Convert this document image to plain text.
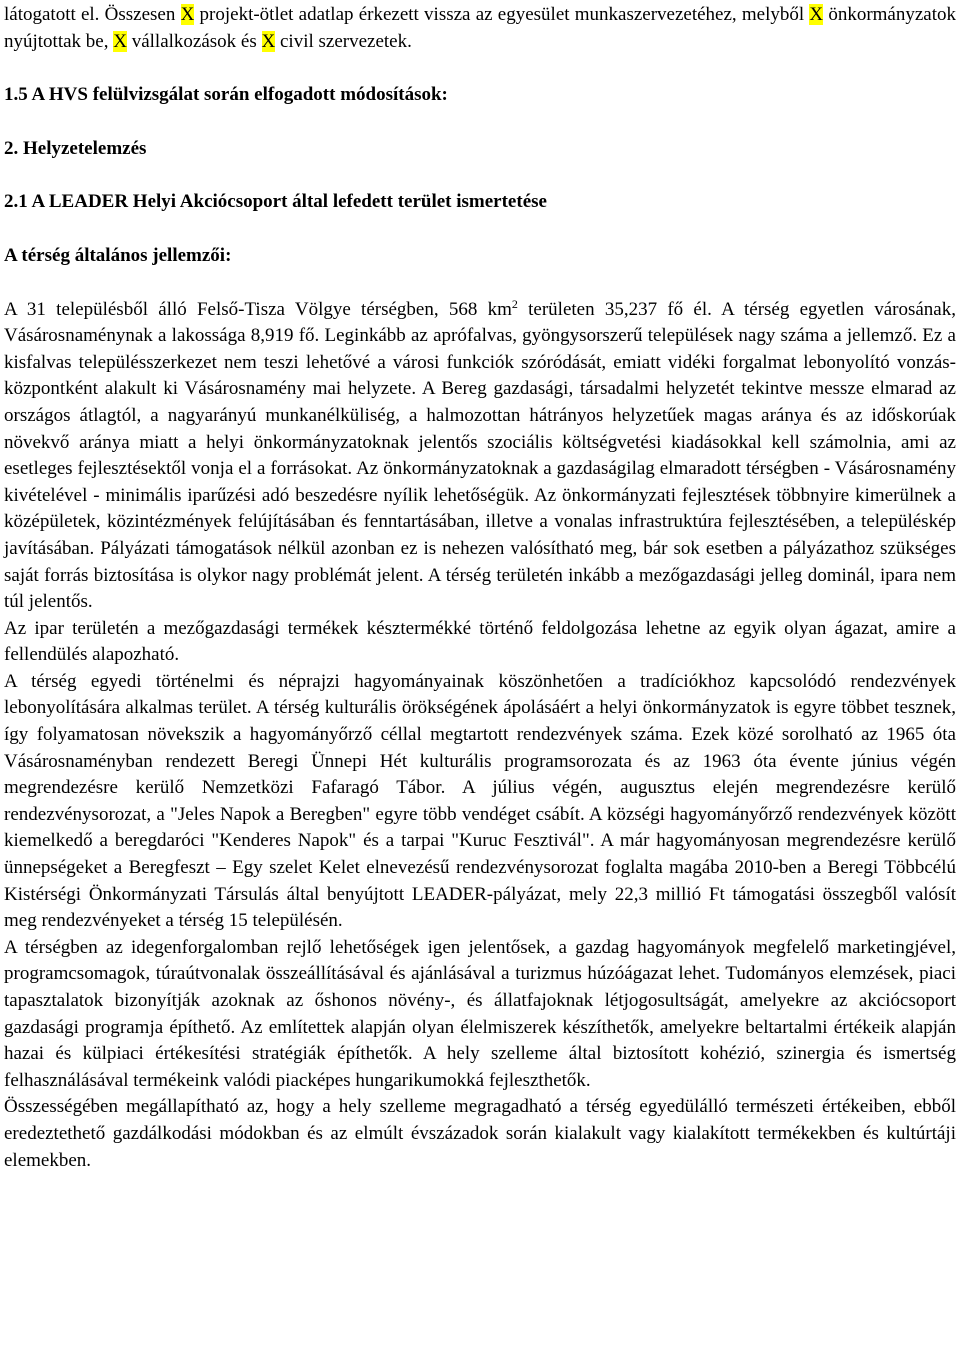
látogatott el. Összesen X projekt-ötlet adatlap érkezett vissza az egyesület munkaszervezetéhez, melyből X önkormányzatok nyújtottak be, X vállalkozások és X civil szervezetek.

1.5 A HVS felülvizsgálat során elfogadott módosítások:
2. Helyzetelemzés
2.1 A LEADER Helyi Akciócsoport által lefedett terület ismertetése
A térség általános jellemzői:

A 31 településből álló Felső-Tisza Völgye térségben, 568 $km^2$ területen 35,237 fő él. A térség egyetlen városának, Vásárosnaménynak a lakossága 8,919 fő. Leginkább az aprófalvas, gyöngysorszerű települések nagy száma a jellemző. Ez a kisfalvas településszerkezet nem teszi lehetővé a városi funkciók szóródását, emiatt vidéki forgalmat lebonyolító vonzás-központként alakult ki Vásárosnamény mai helyzete. A Bereg gazdasági, társadalmi helyzetét tekintve messze elmarad az országos átlagtól, a nagyarányú munkanélküliség, a halmozottan hátrányos helyzetűek magas aránya és az időskorúak növekvő aránya miatt a helyi önkormányzatoknak jelentős szociális költségvetési kiadásokkal kell számolnia, ami az esetleges fejlesztésektől vonja el a forrásokat. Az önkormányzatoknak a gazdaságilag elmaradott térségben - Vásárosnamény kivételével - minimális iparűzési adó beszedésre nyílik lehetőségük. Az önkormányzati fejlesztések többnyire kimerülnek a középületek, közintézmények felújításában és fenntartásában, illetve a vonalas infrastruktúra fejlesztésében, a településkép javításában. Pályázati támogatások nélkül azonban ez is nehezen valósítható meg, bár sok esetben a pályázathoz szükséges saját forrás biztosítása is olykor nagy problémát jelent. A térség területén inkább a mezőgazdasági jelleg dominál, ipara nem túl jelentős.

Az ipar területén a mezőgazdasági termékek késztermékké történő feldolgozása lehetne az egyik olyan ágazat, amire a fellendülés alapozható.

A térség egyedi történelmi és néprajzi hagyományainak köszönhetően a tradíciókhoz kapcsolódó rendezvények lebonyolítására alkalmas terület. A térség kulturális örökségének ápolásáért a helyi önkormányzatok is egyre többet tesznek, így folyamatosan növekszik a hagyományőrző céllal megtartott rendezvények száma. Ezek közé sorolható az 1965 óta Vásárosnaményban rendezett Beregi Ünnepi Hét kulturális programsorozata és az 1963 óta évente június végén megrendezésre kerülő Nemzetközi Fafaragó Tábor. A július végén, augusztus elején megrendezésre kerülő rendezvénysorozat, a "Jeles Napok a Beregben" egyre több vendéget csábít. A községi hagyományőrző rendezvények között kiemelkedő a beregdaróci "Kenderes Napok" és a tarpai "Kuruc Fesztivál". A már hagyományosan megrendezésre kerülő ünnepségeket a Beregfeszt – Egy szelet Kelet elnevezésű rendezvénysorozat foglalta magába 2010-ben a Beregi Többcélú Kistérségi Önkormányzati Társulás által benyújtott LEADER-pályázat, mely 22,3 millió Ft támogatási összegből valósít meg rendezvényeket a térség 15 településén.

A térségben az idegenforgalomban rejlő lehetőségek igen jelentősek, a gazdag hagyományok megfelelő marketingjével, programcsomagok, túraútvonalak összeállításával és ajánlásával a turizmus húzóágazat lehet. Tudományos elemzések, piaci tapasztalatok bizonyítják azoknak az őshonos növény-, és állatfajoknak létjogosultságát, amelyekre az akciócsoport gazdasági programja építhető. Az említettek alapján olyan élelmiszerek készíthetők, amelyekre beltartalmi értékeik alapján hazai és külpiaci értékesítési stratégiák építhetők. A hely szelleme által biztosított kohézió, szinergia és ismertség felhasználásával termékeink valódi piacképes hungarikumokká fejleszthetők.

Összességében megállapítható az, hogy a hely szelleme megragadható a térség egyedülálló természeti értékeiben, ebből eredeztethető gazdálkodási módokban és az elmúlt évszázadok során kialakult vagy kialakított termékekben és kultúrtáji elemekben.
